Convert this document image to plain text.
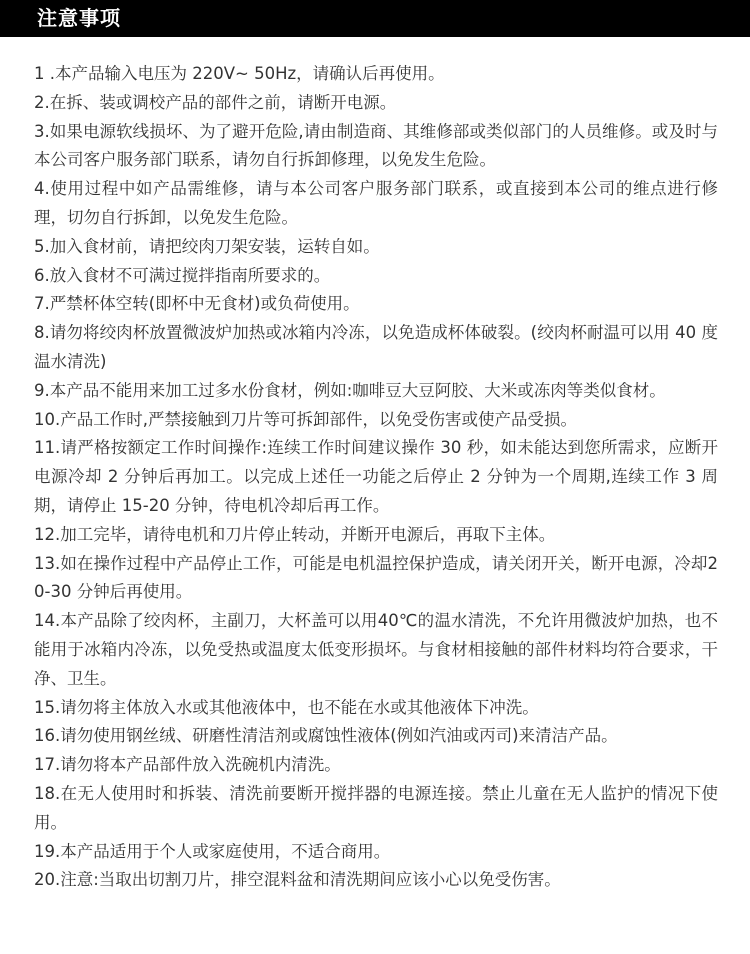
注意事项
1 .本产品输入电压为 220V~ 50Hz，请确认后再使用。
2.在拆、装或调校产品的部件之前，请断开电源。
3.如果电源软线损坏、为了避开危险,请由制造商、其维修部或类似部门的人员维修。或及时与本公司客户服务部门联系，请勿自行拆卸修理，以免发生危险。
4.使用过程中如产品需维修，请与本公司客户服务部门联系，或直接到本公司的维点进行修理，切勿自行拆卸，以免发生危险。
5.加入食材前，请把绞肉刀架安装，运转自如。
6.放入食材不可满过搅拌指南所要求的。
7.严禁杯体空转(即杯中无食材)或负荷使用。
8.请勿将绞肉杯放置微波炉加热或冰箱内冷冻，以免造成杯体破裂。(绞肉杯耐温可以用 40 度温水清洗)
9.本产品不能用来加工过多水份食材，例如:咖啡豆大豆阿胶、大米或冻肉等类似食材。
10.产品工作时,严禁接触到刀片等可拆卸部件，以免受伤害或使产品受损。
11.请严格按额定工作时间操作:连续工作时间建议操作 30 秒，如未能达到您所需求，应断开电源冷却 2 分钟后再加工。以完成上述任一功能之后停止 2 分钟为一个周期,连续工作 3 周期，请停止 15-20 分钟，待电机冷却后再工作。
12.加工完毕，请待电机和刀片停止转动，并断开电源后，再取下主体。
13.如在操作过程中产品停止工作，可能是电机温控保护造成，请关闭开关，断开电源，冷却20-30 分钟后再使用。
14.本产品除了绞肉杯，主副刀，大杯盖可以用40℃的温水清洗，不允许用微波炉加热，也不能用于冰箱内冷冻，以免受热或温度太低变形损坏。与食材相接触的部件材料均符合要求，干净、卫生。
15.请勿将主体放入水或其他液体中，也不能在水或其他液体下冲洗。
16.请勿使用钢丝绒、研磨性清洁剂或腐蚀性液体(例如汽油或丙司)来清洁产品。
17.请勿将本产品部件放入洗碗机内清洗。
18.在无人使用时和拆装、清洗前要断开搅拌器的电源连接。禁止儿童在无人监护的情况下使用。
19.本产品适用于个人或家庭使用，不适合商用。
20.注意:当取出切割刀片，排空混料盆和清洗期间应该小心以免受伤害。
